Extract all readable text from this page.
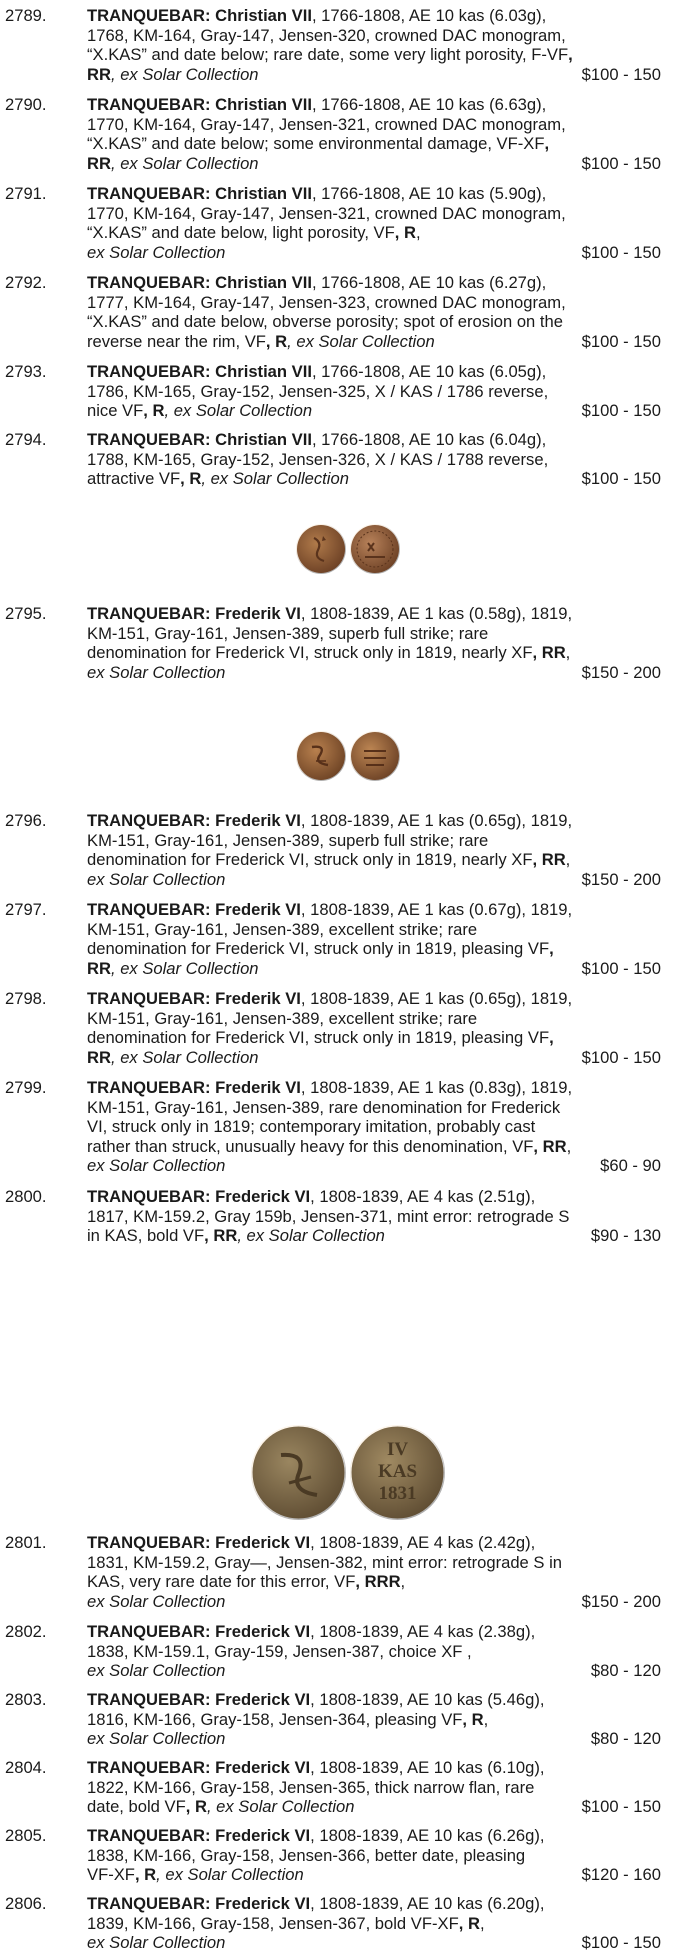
2789.	TRANQUEBAR: Christian VII, 1766-1808, AE 10 kas (6.03g),
1768, KM-164, Gray-147, Jensen-320, crowned DAC monogram,
“X.KAS” and date below; rare date, some very light porosity, F-VF,
RR, ex Solar Collection	$100 - 150
2790.	TRANQUEBAR: Christian VII, 1766-1808, AE 10 kas (6.63g),
1770, KM-164, Gray-147, Jensen-321, crowned DAC monogram,
“X.KAS” and date below; some environmental damage, VF-XF,
RR, ex Solar Collection	$100 - 150
2791.	TRANQUEBAR: Christian VII, 1766-1808, AE 10 kas (5.90g),
1770, KM-164, Gray-147, Jensen-321, crowned DAC monogram,
“X.KAS” and date below, light porosity, VF, R,
ex Solar Collection	$100 - 150
2792.	TRANQUEBAR: Christian VII, 1766-1808, AE 10 kas (6.27g),
1777, KM-164, Gray-147, Jensen-323, crowned DAC monogram,
“X.KAS” and date below, obverse porosity; spot of erosion on the
reverse near the rim, VF, R, ex Solar Collection	$100 - 150
2793.	TRANQUEBAR: Christian VII, 1766-1808, AE 10 kas (6.05g),
1786, KM-165, Gray-152, Jensen-325, X / KAS / 1786 reverse,
nice VF, R, ex Solar Collection	$100 - 150
2794.	TRANQUEBAR: Christian VII, 1766-1808, AE 10 kas (6.04g),
1788, KM-165, Gray-152, Jensen-326, X / KAS / 1788 reverse,
attractive VF, R, ex Solar Collection	$100 - 150
2795.	TRANQUEBAR: Frederik VI, 1808-1839, AE 1 kas (0.58g), 1819,
KM-151, Gray-161, Jensen-389, superb full strike; rare
denomination for Frederick VI, struck only in 1819, nearly XF, RR,
ex Solar Collection	$150 - 200
2796.	TRANQUEBAR: Frederik VI, 1808-1839, AE 1 kas (0.65g), 1819,
KM-151, Gray-161, Jensen-389, superb full strike; rare
denomination for Frederick VI, struck only in 1819, nearly XF, RR,
ex Solar Collection	$150 - 200
2797.	TRANQUEBAR: Frederik VI, 1808-1839, AE 1 kas (0.67g), 1819,
KM-151, Gray-161, Jensen-389, excellent strike; rare
denomination for Frederick VI, struck only in 1819, pleasing VF,
RR, ex Solar Collection	$100 - 150
2798.	TRANQUEBAR: Frederik VI, 1808-1839, AE 1 kas (0.65g), 1819,
KM-151, Gray-161, Jensen-389, excellent strike; rare
denomination for Frederick VI, struck only in 1819, pleasing VF,
RR, ex Solar Collection	$100 - 150
2799.	TRANQUEBAR: Frederik VI, 1808-1839, AE 1 kas (0.83g), 1819,
KM-151, Gray-161, Jensen-389, rare denomination for Frederick
VI, struck only in 1819; contemporary imitation, probably cast
rather than struck, unusually heavy for this denomination, VF, RR,
ex Solar Collection	$60 - 90
2800.	TRANQUEBAR: Frederick VI, 1808-1839, AE 4 kas (2.51g),
1817, KM-159.2, Gray 159b, Jensen-371, mint error: retrograde S
in KAS, bold VF, RR, ex Solar Collection	$90 - 130
2801.	TRANQUEBAR: Frederick VI, 1808-1839, AE 4 kas (2.42g),
1831, KM-159.2, Gray—, Jensen-382, mint error: retrograde S in
KAS, very rare date for this error, VF, RRR,
ex Solar Collection	$150 - 200
2802.	TRANQUEBAR: Frederick VI, 1808-1839, AE 4 kas (2.38g),
1838, KM-159.1, Gray-159, Jensen-387, choice XF ,
ex Solar Collection	$80 - 120
2803.	TRANQUEBAR: Frederick VI, 1808-1839, AE 10 kas (5.46g),
1816, KM-166, Gray-158, Jensen-364, pleasing VF, R,
ex Solar Collection	$80 - 120
2804.	TRANQUEBAR: Frederick VI, 1808-1839, AE 10 kas (6.10g),
1822, KM-166, Gray-158, Jensen-365, thick narrow flan, rare
date, bold VF, R, ex Solar Collection	$100 - 150
2805.	TRANQUEBAR: Frederick VI, 1808-1839, AE 10 kas (6.26g),
1838, KM-166, Gray-158, Jensen-366, better date, pleasing
VF-XF, R, ex Solar Collection	$120 - 160
2806.	TRANQUEBAR: Frederick VI, 1808-1839, AE 10 kas (6.20g),
1839, KM-166, Gray-158, Jensen-367, bold VF-XF, R,
ex Solar Collection	$100 - 150
IV KAS 1831
